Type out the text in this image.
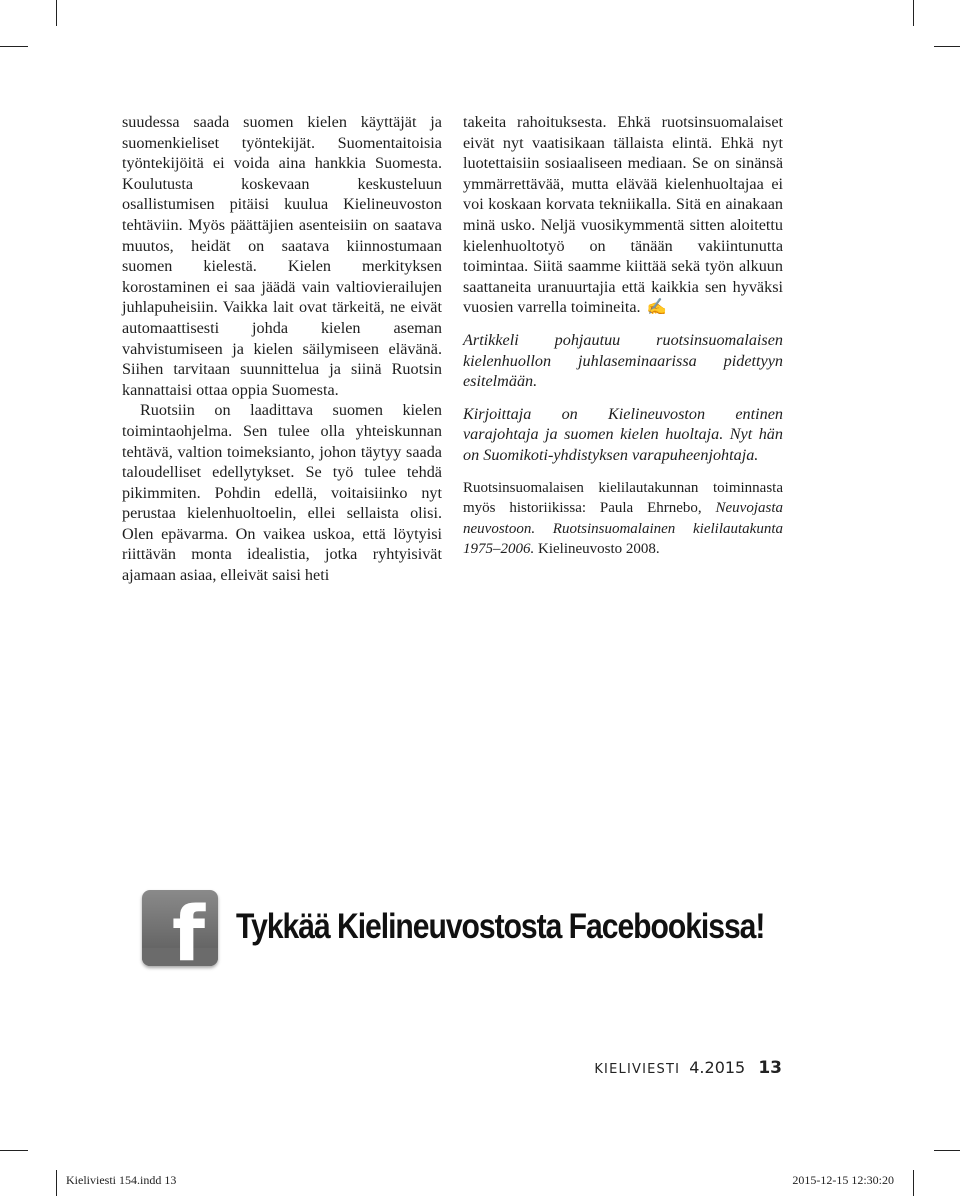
suudessa saada suomen kielen käyttäjät ja suomenkieliset työntekijät. Suomentaitoisia työntekijöitä ei voida aina hankkia Suomesta. Koulutusta koskevaan keskusteluun osallistumisen pitäisi kuulua Kielineuvoston tehtäviin. Myös päättäjien asenteisiin on saatava muutos, heidät on saatava kiinnostumaan suomen kielestä. Kielen merkityksen korostaminen ei saa jäädä vain valtiovierailujen juhlapuheisiin. Vaikka lait ovat tärkeitä, ne eivät automaattisesti johda kielen aseman vahvistumiseen ja kielen säilymiseen elävänä. Siihen tarvitaan suunnittelua ja siinä Ruotsin kannattaisi ottaa oppia Suomesta.

Ruotsiin on laadittava suomen kielen toimintaohjelma. Sen tulee olla yhteiskunnan tehtävä, valtion toimeksianto, johon täytyy saada taloudelliset edellytykset. Se työ tulee tehdä pikimmiten. Pohdin edellä, voitaisiinko nyt perustaa kielenhuoltoelin, ellei sellaista olisi. Olen epävarma. On vaikea uskoa, että löytyisi riittävän monta idealistia, jotka ryhtyisivät ajamaan asiaa, elleivät saisi heti

takeita rahoituksesta. Ehkä ruotsinsuomalaiset eivät nyt vaatisikaan tällaista elintä. Ehkä nyt luotettaisiin sosiaaliseen mediaan. Se on sinänsä ymmärrettävää, mutta elävää kielenhuoltajaa ei voi koskaan korvata tekniikalla. Sitä en ainakaan minä usko. Neljä vuosikymmentä sitten aloitettu kielenhuoltotyö on tänään vakiintunutta toimintaa. Siitä saamme kiittää sekä työn alkuun saattaneita uranuurtajia että kaikkia sen hyväksi vuosien varrella toimineita. ✍

Artikkeli pohjautuu ruotsinsuomalaisen kielenhuollon juhlaseminaarissa pidettyyn esitelmään.

Kirjoittaja on Kielineuvoston entinen varajohtaja ja suomen kielen huoltaja. Nyt hän on Suomikoti-yhdistyksen varapuheenjohtaja.

Ruotsinsuomalaisen kielilautakunnan toiminnasta myös historiikissa: Paula Ehrnebo, Neuvojasta neuvostoon. Ruotsinsuomalainen kielilautakunta 1975–2006. Kielineuvosto 2008.

f Tykkää Kielineuvostosta Facebookissa!
KIELIVIESTI 4.2015 13
Kieliviesti 154.indd 13	2015-12-15 12:30:20
